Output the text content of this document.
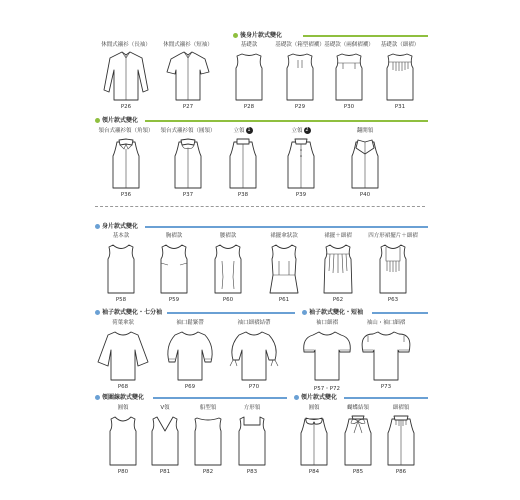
後身片款式變化
領片款式變化
身片款式變化
袖子款式變化・七分袖	袖子款式變化・短袖
領圍線款式變化	領片款式變化
休閒式襯衫（長袖）
P26
休閒式襯衫（短袖）
P27
基礎款
P28
基礎款（箱型褶襉）
P29
基礎款（兩個褶襉）
P30
基礎款（細褶）
P31
領台式襯衫領（角領）
P36
領台式襯衫領（圓領）
P37
立領 1
P38
立領 2
P39
翻開領
P40
基本款
P58
胸褶款
P59
腰褶款
P60
裙擺傘狀款
P61
裙擺＋細褶
P62
四方形裙擺片＋細褶
P63
荷葉傘狀
P68
袖口鬆緊帶
P69
袖口細褶結帶
P70
袖口細褶
P57・P72
袖山・袖口細褶
P73
圓領
P80
V領
P81
船型領
P82
方形領
P83
圓領
P84
蝴蝶結領
P85
細褶領
P86
